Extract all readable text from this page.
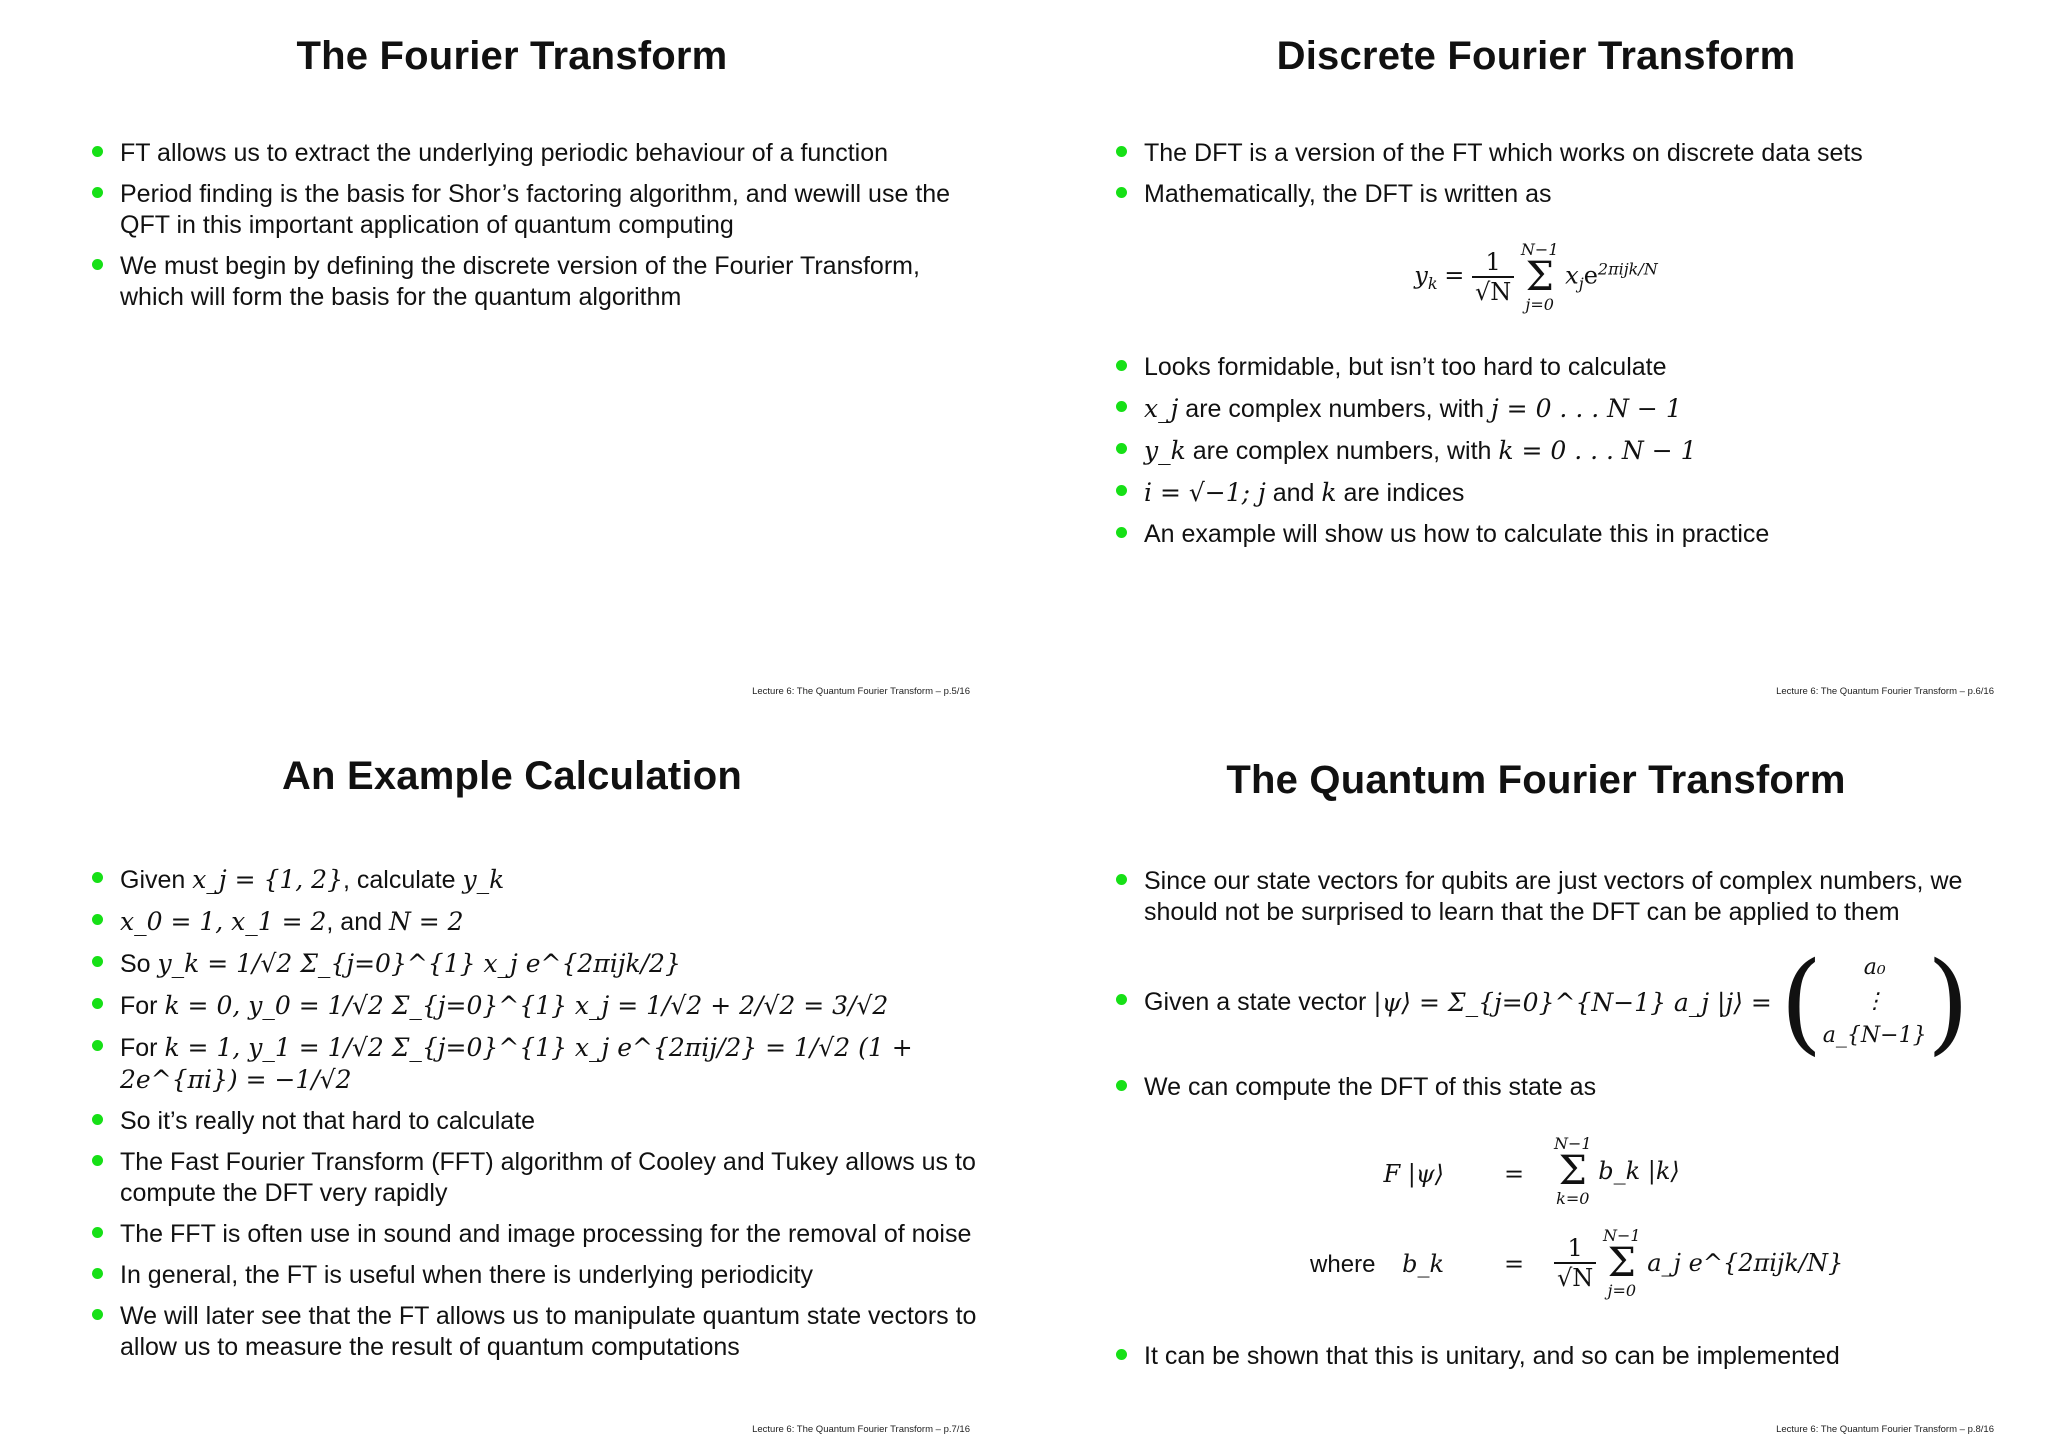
The Fourier Transform
FT allows us to extract the underlying periodic behaviour of a function
Period finding is the basis for Shor’s factoring algorithm, and wewill use the QFT in this important application of quantum computing
We must begin by defining the discrete version of the Fourier Transform, which will form the basis for the quantum algorithm
Lecture 6: The Quantum Fourier Transform – p.5/16
Discrete Fourier Transform
The DFT is a version of the FT which works on discrete data sets
Mathematically, the DFT is written as
$y_k = \frac{1}{√N}$
N−1
Σ
j=0
$x_je^{2\pi ijk/N}$
Looks formidable, but isn’t too hard to calculate
x_j are complex numbers, with j = 0 . . . N − 1
y_k are complex numbers, with k = 0 . . . N − 1
i = √−1; j and k are indices
An example will show us how to calculate this in practice
Lecture 6: The Quantum Fourier Transform – p.6/16
An Example Calculation
Given x_j = {1, 2}, calculate y_k
x_0 = 1, x_1 = 2, and N = 2
So y_k = 1/√2 Σ_{j=0}^{1} x_j e^{2πijk/2}
For k = 0, y_0 = 1/√2 Σ_{j=0}^{1} x_j = 1/√2 + 2/√2 = 3/√2
For k = 1, y_1 = 1/√2 Σ_{j=0}^{1} x_j e^{2πij/2} = 1/√2 (1 + 2e^{πi}) = −1/√2
So it’s really not that hard to calculate
The Fast Fourier Transform (FFT) algorithm of Cooley and Tukey allows us to compute the DFT very rapidly
The FFT is often use in sound and image processing for the removal of noise
In general, the FT is useful when there is underlying periodicity
We will later see that the FT allows us to manipulate quantum state vectors to allow us to measure the result of quantum computations
Lecture 6: The Quantum Fourier Transform – p.7/16
The Quantum Fourier Transform
Since our state vectors for qubits are just vectors of complex numbers, we should not be surprised to learn that the DFT can be applied to them
Given a state vector
|ψ⟩ = Σ_{j=0}^{N−1} a_j |j⟩ = ( a₀
⋮
a_{N−1} )
We can compute the DFT of this state as
F |ψ⟩	=
N−1
Σ
k=0
b_k |k⟩
where b_k	= $\frac{1}{√N}$
N−1
Σ
j=0
a_j e^{2πijk/N}
It can be shown that this is unitary, and so can be implemented
Lecture 6: The Quantum Fourier Transform – p.8/16
